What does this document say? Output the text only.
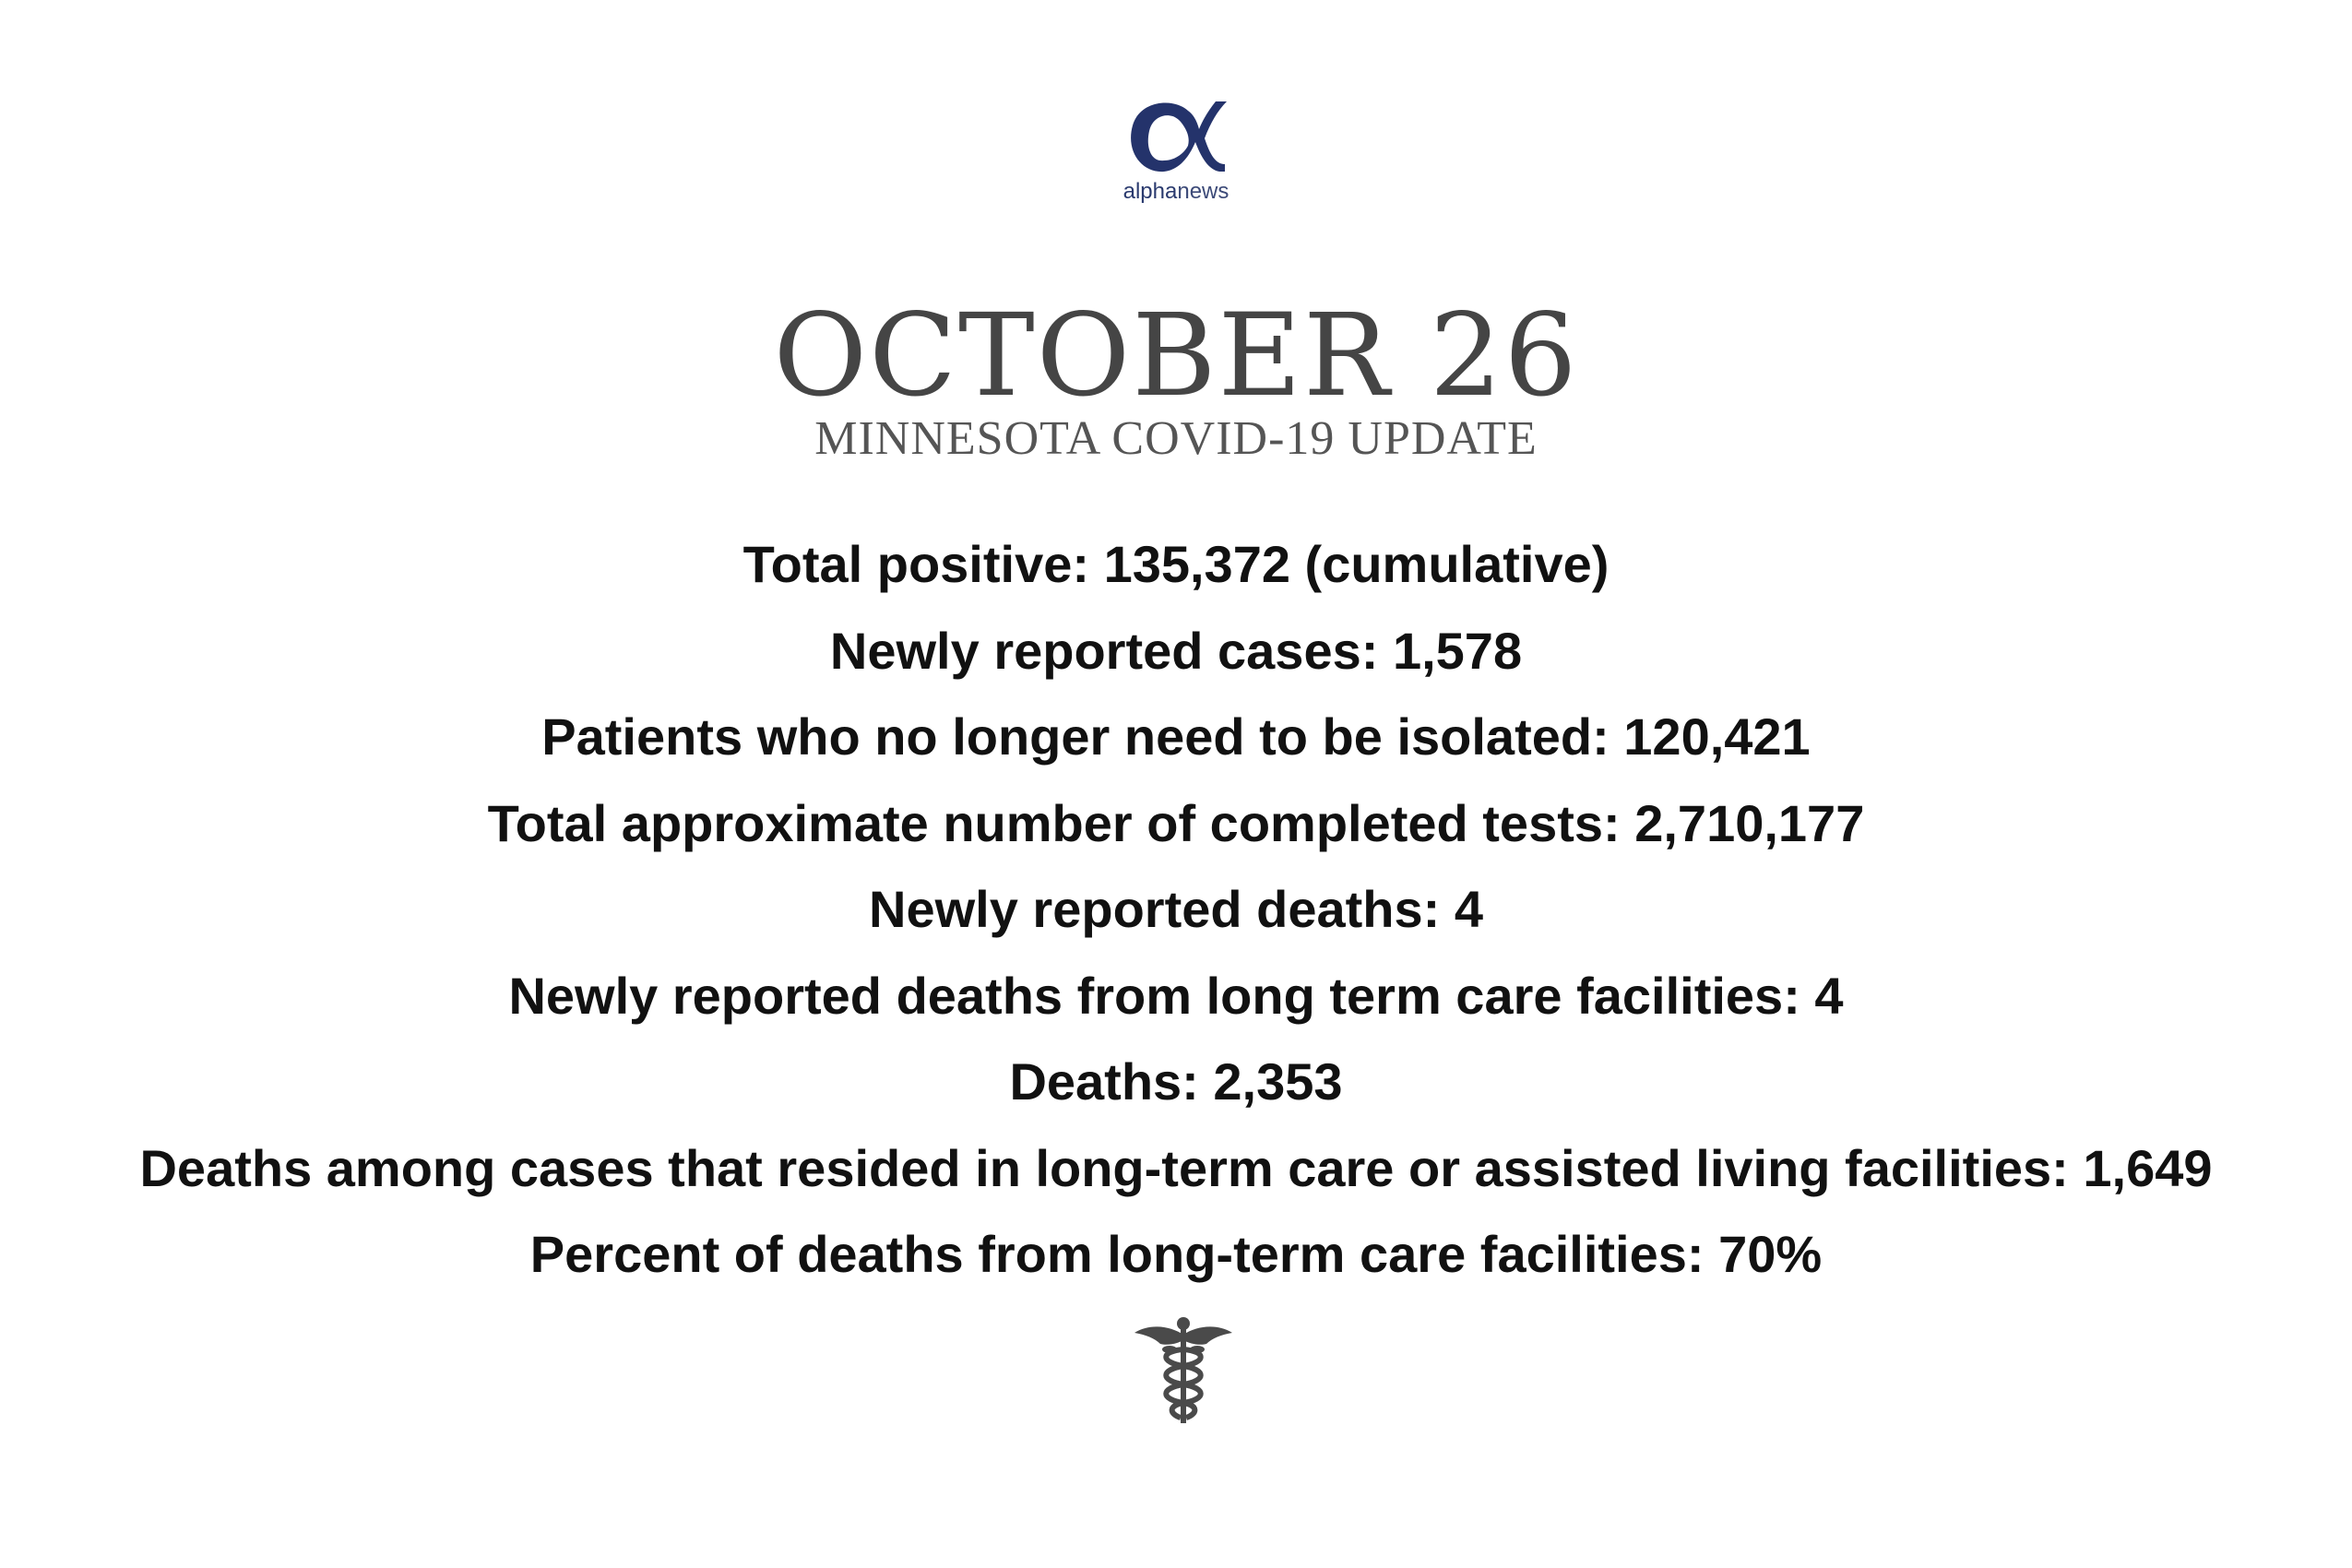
alphanews
OCTOBER 26
MINNESOTA COVID-19 UPDATE
Total positive: 135,372 (cumulative)
Newly reported cases: 1,578
Patients who no longer need to be isolated: 120,421
Total approximate number of completed tests: 2,710,177
Newly reported deaths: 4
Newly reported deaths from long term care facilities: 4
Deaths: 2,353
Deaths among cases that resided in long-term care or assisted living facilities: 1,649
Percent of deaths from long-term care facilities: 70%
